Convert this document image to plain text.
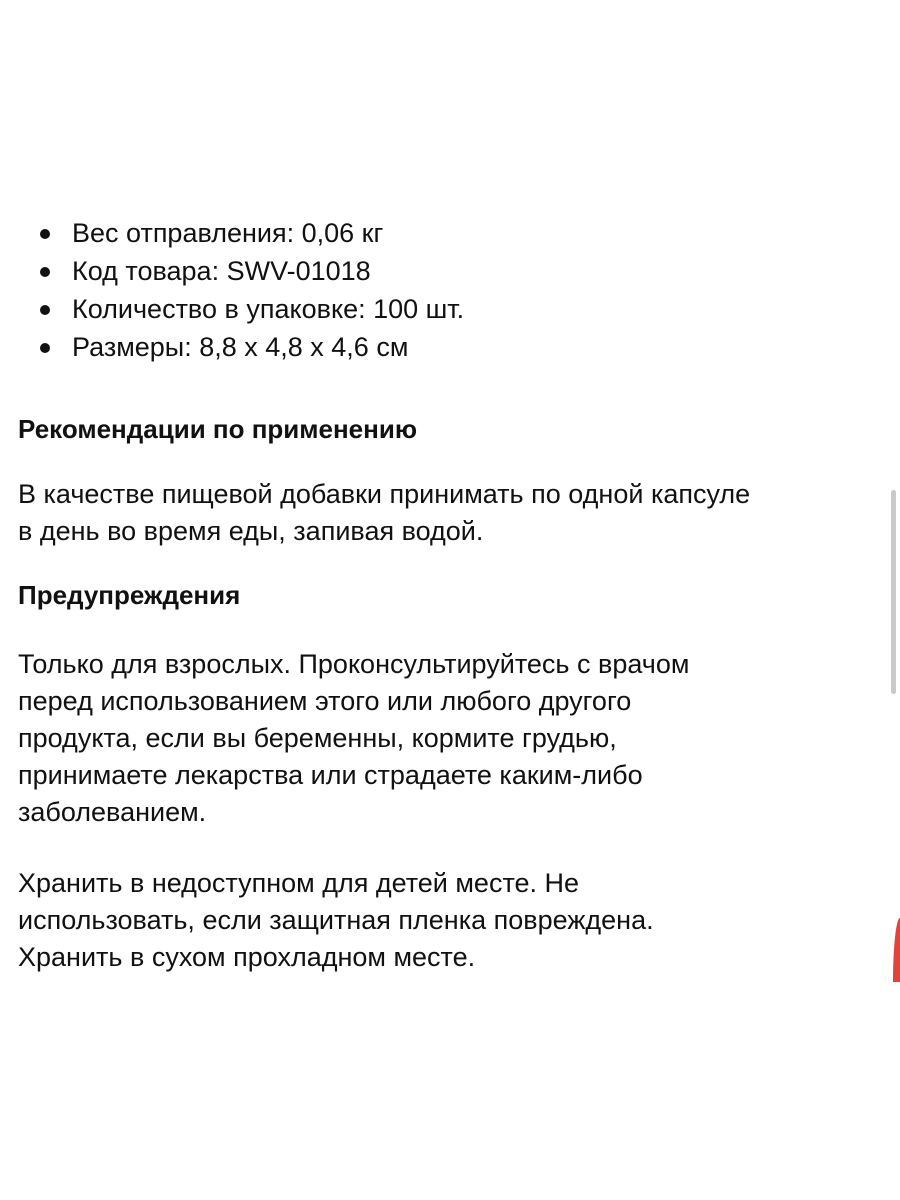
Вес отправления: 0,06 кг
Код товара: SWV-01018
Количество в упаковке: 100 шт.
Размеры: 8,8 x 4,8 x 4,6 см
Рекомендации по применению

В качестве пищевой добавки принимать по одной капсуле
в день во время еды, запивая водой.

Предупреждения

Только для взрослых. Проконсультируйтесь с врачом
перед использованием этого или любого другого
продукта, если вы беременны, кормите грудью,
принимаете лекарства или страдаете каким-либо
заболеванием.

Хранить в недоступном для детей месте. Не
использовать, если защитная пленка повреждена.
Хранить в сухом прохладном месте.
